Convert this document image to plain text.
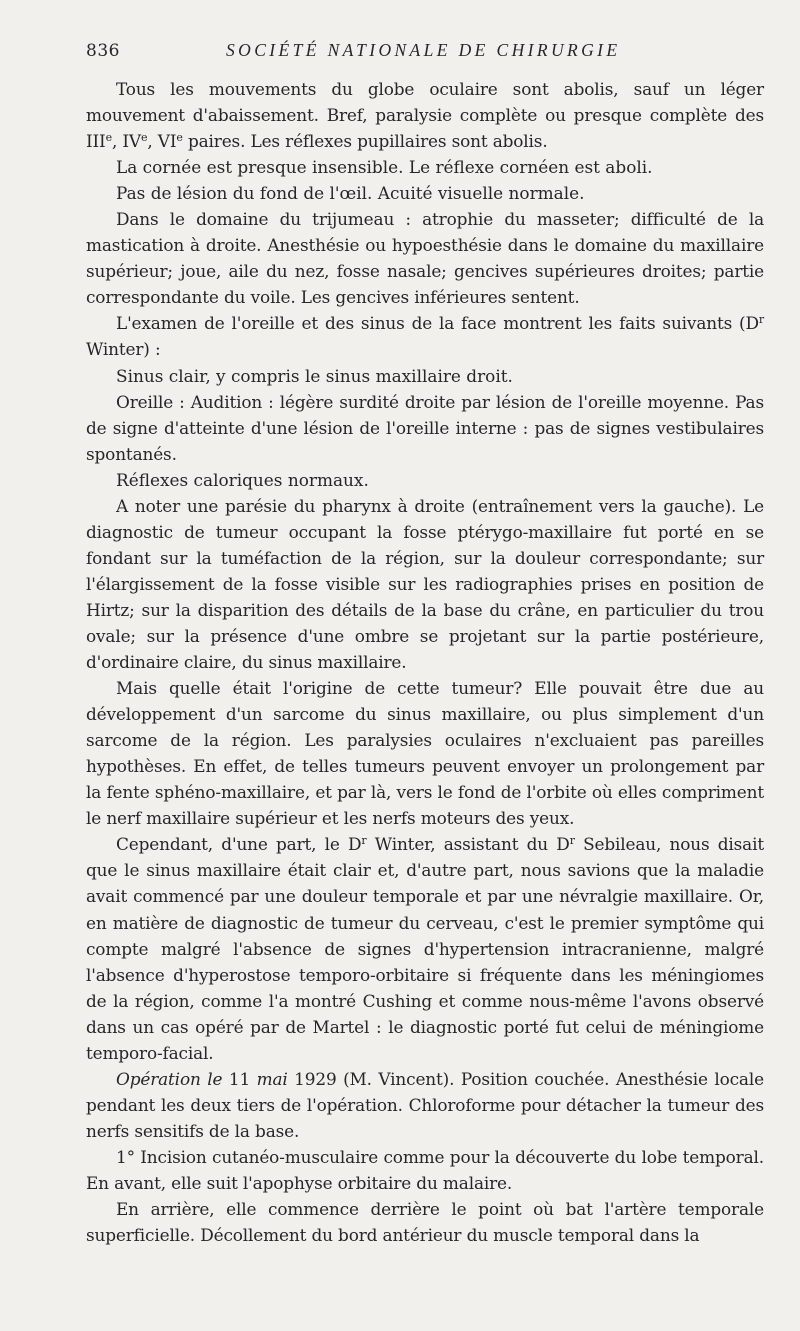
836	SOCIÉTÉ NATIONALE DE CHIRURGIE

Tous les mouvements du globe oculaire sont abolis, sauf un léger mouvement d'abaissement. Bref, paralysie complète ou presque complète des IIIe, IVe, VIe paires. Les réflexes pupillaires sont abolis.

La cornée est presque insensible. Le réflexe cornéen est aboli.

Pas de lésion du fond de l'œil. Acuité visuelle normale.

Dans le domaine du trijumeau : atrophie du masseter; difficulté de la mastication à droite. Anesthésie ou hypoesthésie dans le domaine du maxillaire supérieur; joue, aile du nez, fosse nasale; gencives supérieures droites; partie correspondante du voile. Les gencives inférieures sentent.

L'examen de l'oreille et des sinus de la face montrent les faits suivants ($D^r$ Winter) :

Sinus clair, y compris le sinus maxillaire droit.

Oreille : Audition : légère surdité droite par lésion de l'oreille moyenne. Pas de signe d'atteinte d'une lésion de l'oreille interne : pas de signes vestibulaires spontanés.

Réflexes caloriques normaux.

A noter une parésie du pharynx à droite (entraînement vers la gauche). Le diagnostic de tumeur occupant la fosse ptérygo-maxillaire fut porté en se fondant sur la tuméfaction de la région, sur la douleur correspondante; sur l'élargissement de la fosse visible sur les radiographies prises en position de Hirtz; sur la disparition des détails de la base du crâne, en particulier du trou ovale; sur la présence d'une ombre se projetant sur la partie postérieure, d'ordinaire claire, du sinus maxillaire.

Mais quelle était l'origine de cette tumeur? Elle pouvait être due au développement d'un sarcome du sinus maxillaire, ou plus simplement d'un sarcome de la région. Les paralysies oculaires n'excluaient pas pareilles hypothèses. En effet, de telles tumeurs peuvent envoyer un prolongement par la fente sphéno-maxillaire, et par là, vers le fond de l'orbite où elles compriment le nerf maxillaire supérieur et les nerfs moteurs des yeux.

Cependant, d'une part, le $D^r$ Winter, assistant du $D^r$ Sebileau, nous disait que le sinus maxillaire était clair et, d'autre part, nous savions que la maladie avait commencé par une douleur temporale et par une névralgie maxillaire. Or, en matière de diagnostic de tumeur du cerveau, c'est le premier symptôme qui compte malgré l'absence de signes d'hypertension intracranienne, malgré l'absence d'hyperostose temporo-orbitaire si fréquente dans les méningiomes de la région, comme l'a montré Cushing et comme nous-même l'avons observé dans un cas opéré par de Martel : le diagnostic porté fut celui de méningiome temporo-facial.

Opération le 11 mai 1929 (M. Vincent). Position couchée. Anesthésie locale pendant les deux tiers de l'opération. Chloroforme pour détacher la tumeur des nerfs sensitifs de la base.

1° Incision cutanéo-musculaire comme pour la découverte du lobe temporal. En avant, elle suit l'apophyse orbitaire du malaire.

En arrière, elle commence derrière le point où bat l'artère temporale superficielle. Décollement du bord antérieur du muscle temporal dans la
